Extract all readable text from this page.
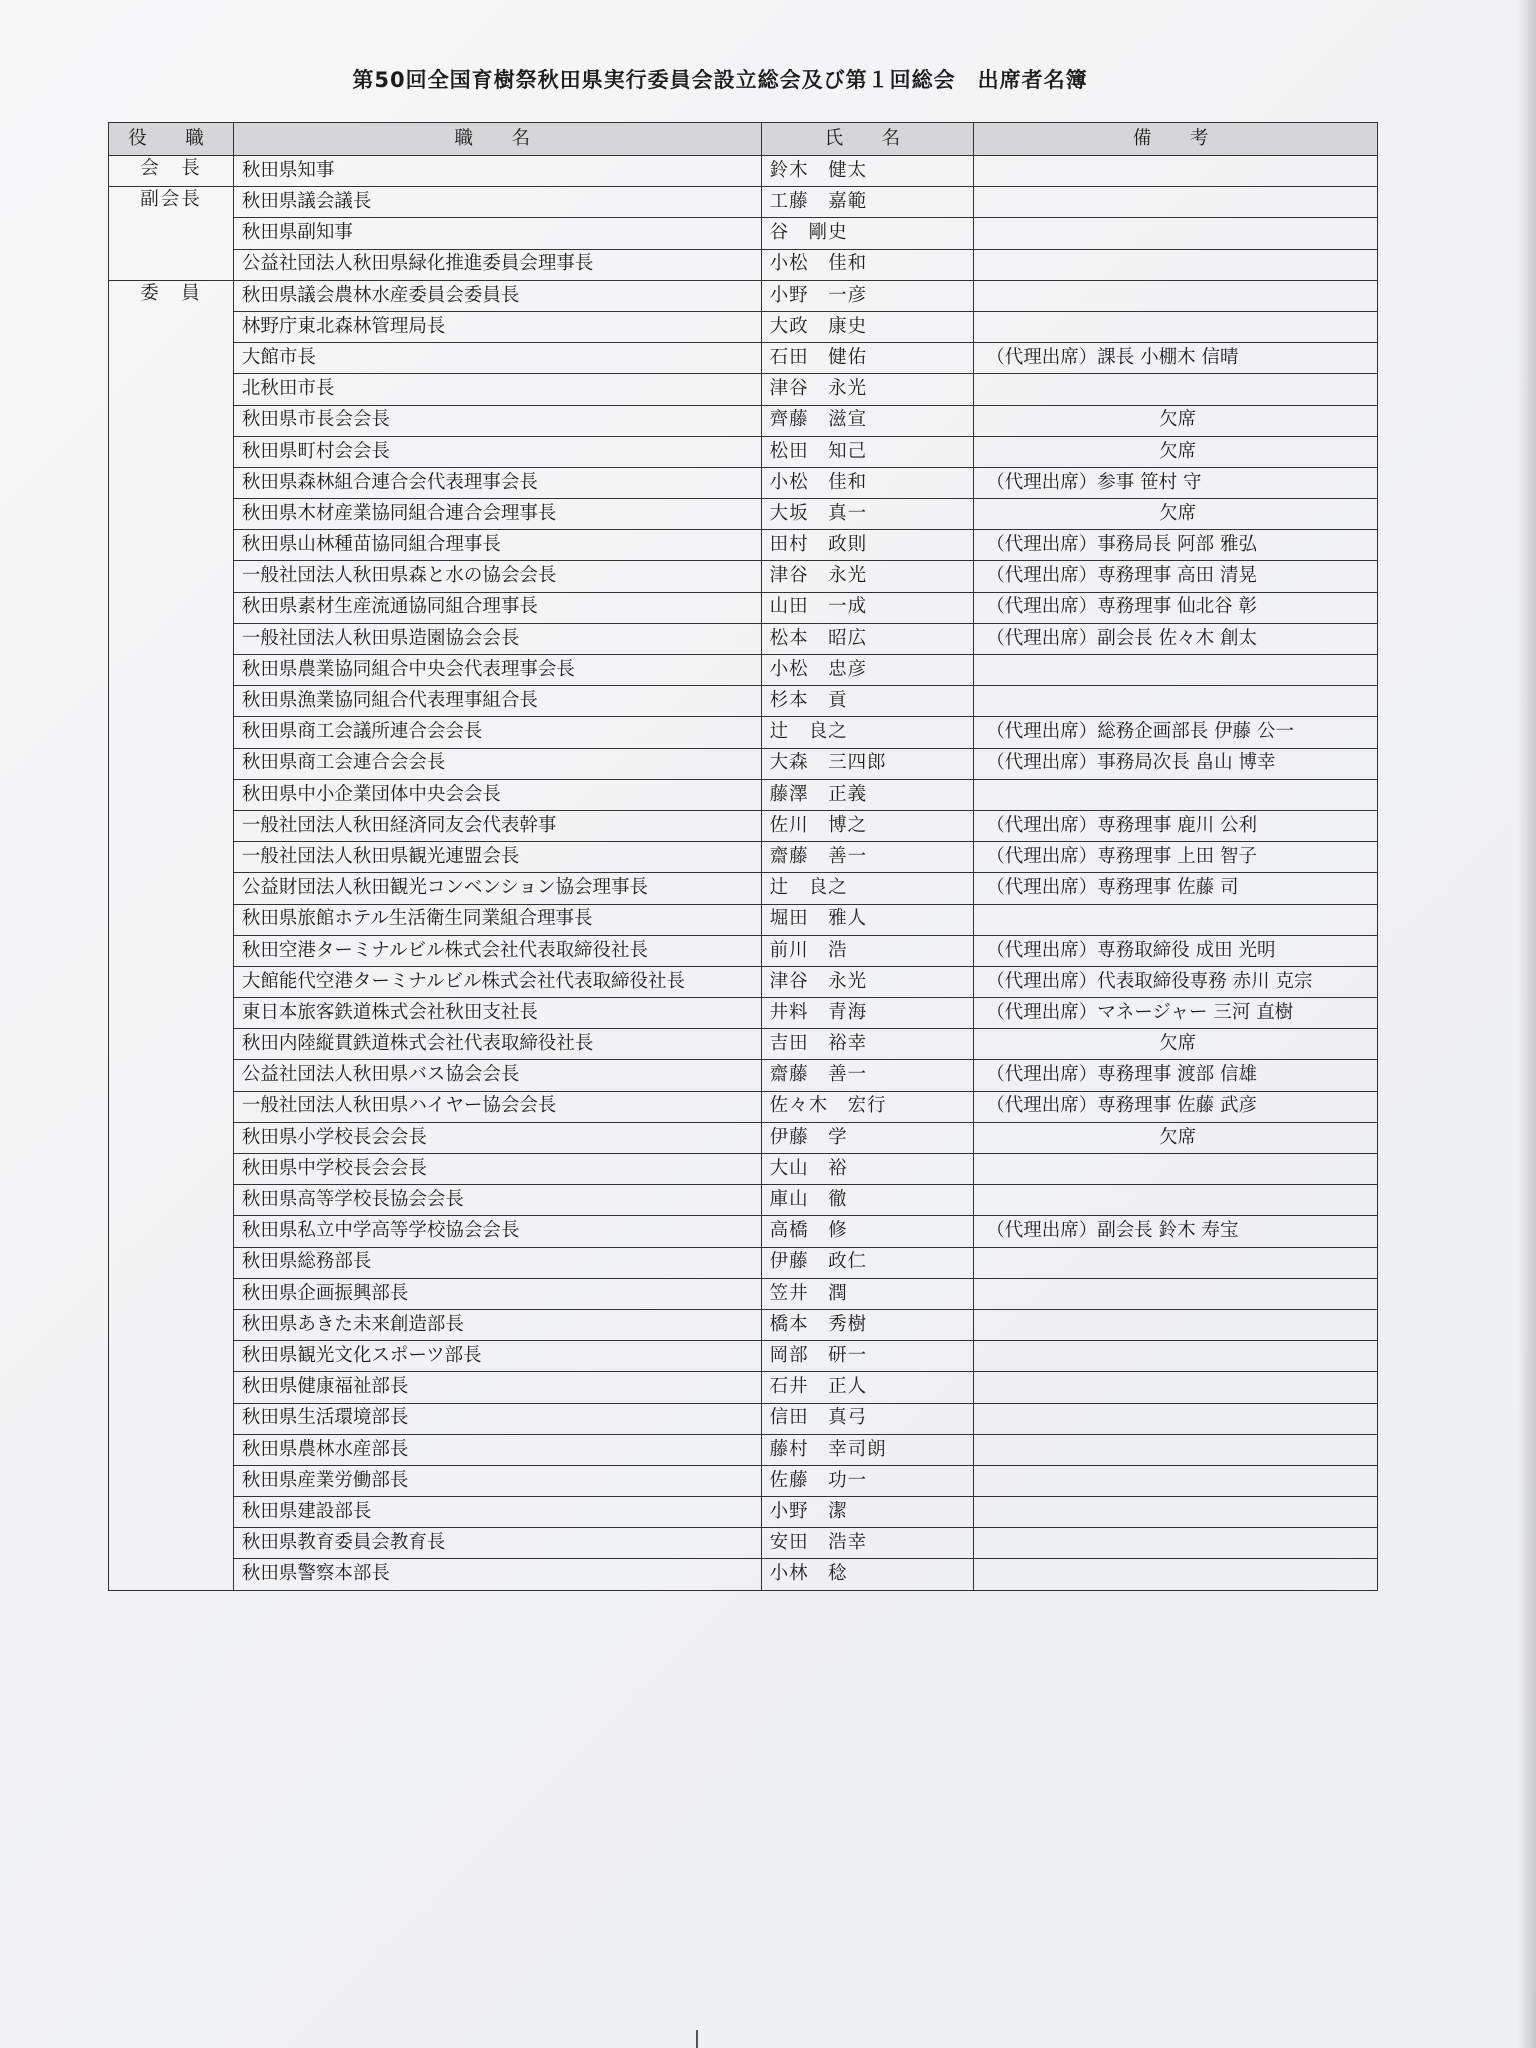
第50回全国育樹祭秋田県実行委員会設立総会及び第１回総会　出席者名簿
役　職	職　名	氏　名	備　考
会　長	秋田県知事	鈴木　健太	
副会長	秋田県議会議長	工藤　嘉範	
	秋田県副知事	谷　剛史	
	公益社団法人秋田県緑化推進委員会理事長	小松　佳和	
委　員	秋田県議会農林水産委員会委員長	小野　一彦	
	林野庁東北森林管理局長	大政　康史	
	大館市長	石田　健佑	（代理出席）課長 小棚木 信晴
	北秋田市長	津谷　永光	
	秋田県市長会会長	齊藤　滋宣	欠席
	秋田県町村会会長	松田　知己	欠席
	秋田県森林組合連合会代表理事会長	小松　佳和	（代理出席）参事 笹村 守
	秋田県木材産業協同組合連合会理事長	大坂　真一	欠席
	秋田県山林種苗協同組合理事長	田村　政則	（代理出席）事務局長 阿部 雅弘
	一般社団法人秋田県森と水の協会会長	津谷　永光	（代理出席）専務理事 高田 清晃
	秋田県素材生産流通協同組合理事長	山田　一成	（代理出席）専務理事 仙北谷 彰
	一般社団法人秋田県造園協会会長	松本　昭広	（代理出席）副会長 佐々木 創太
	秋田県農業協同組合中央会代表理事会長	小松　忠彦	
	秋田県漁業協同組合代表理事組合長	杉本　貢	
	秋田県商工会議所連合会会長	辻　良之	（代理出席）総務企画部長 伊藤 公一
	秋田県商工会連合会会長	大森　三四郎	（代理出席）事務局次長 畠山 博幸
	秋田県中小企業団体中央会会長	藤澤　正義	
	一般社団法人秋田経済同友会代表幹事	佐川　博之	（代理出席）専務理事 鹿川 公利
	一般社団法人秋田県観光連盟会長	齋藤　善一	（代理出席）専務理事 上田 智子
	公益財団法人秋田観光コンベンション協会理事長	辻　良之	（代理出席）専務理事 佐藤 司
	秋田県旅館ホテル生活衛生同業組合理事長	堀田　雅人	
	秋田空港ターミナルビル株式会社代表取締役社長	前川　浩	（代理出席）専務取締役 成田 光明
	大館能代空港ターミナルビル株式会社代表取締役社長	津谷　永光	（代理出席）代表取締役専務 赤川 克宗
	東日本旅客鉄道株式会社秋田支社長	井料　青海	（代理出席）マネージャー 三河 直樹
	秋田内陸縦貫鉄道株式会社代表取締役社長	吉田　裕幸	欠席
	公益社団法人秋田県バス協会会長	齋藤　善一	（代理出席）専務理事 渡部 信雄
	一般社団法人秋田県ハイヤー協会会長	佐々木　宏行	（代理出席）専務理事 佐藤 武彦
	秋田県小学校長会会長	伊藤　学	欠席
	秋田県中学校長会会長	大山　裕	
	秋田県高等学校長協会会長	庫山　徹	
	秋田県私立中学高等学校協会会長	高橋　修	（代理出席）副会長 鈴木 寿宝
	秋田県総務部長	伊藤　政仁	
	秋田県企画振興部長	笠井　潤	
	秋田県あきた未来創造部長	橋本　秀樹	
	秋田県観光文化スポーツ部長	岡部　研一	
	秋田県健康福祉部長	石井　正人	
	秋田県生活環境部長	信田　真弓	
	秋田県農林水産部長	藤村　幸司朗	
	秋田県産業労働部長	佐藤　功一	
	秋田県建設部長	小野　潔	
	秋田県教育委員会教育長	安田　浩幸	
	秋田県警察本部長	小林　稔	
